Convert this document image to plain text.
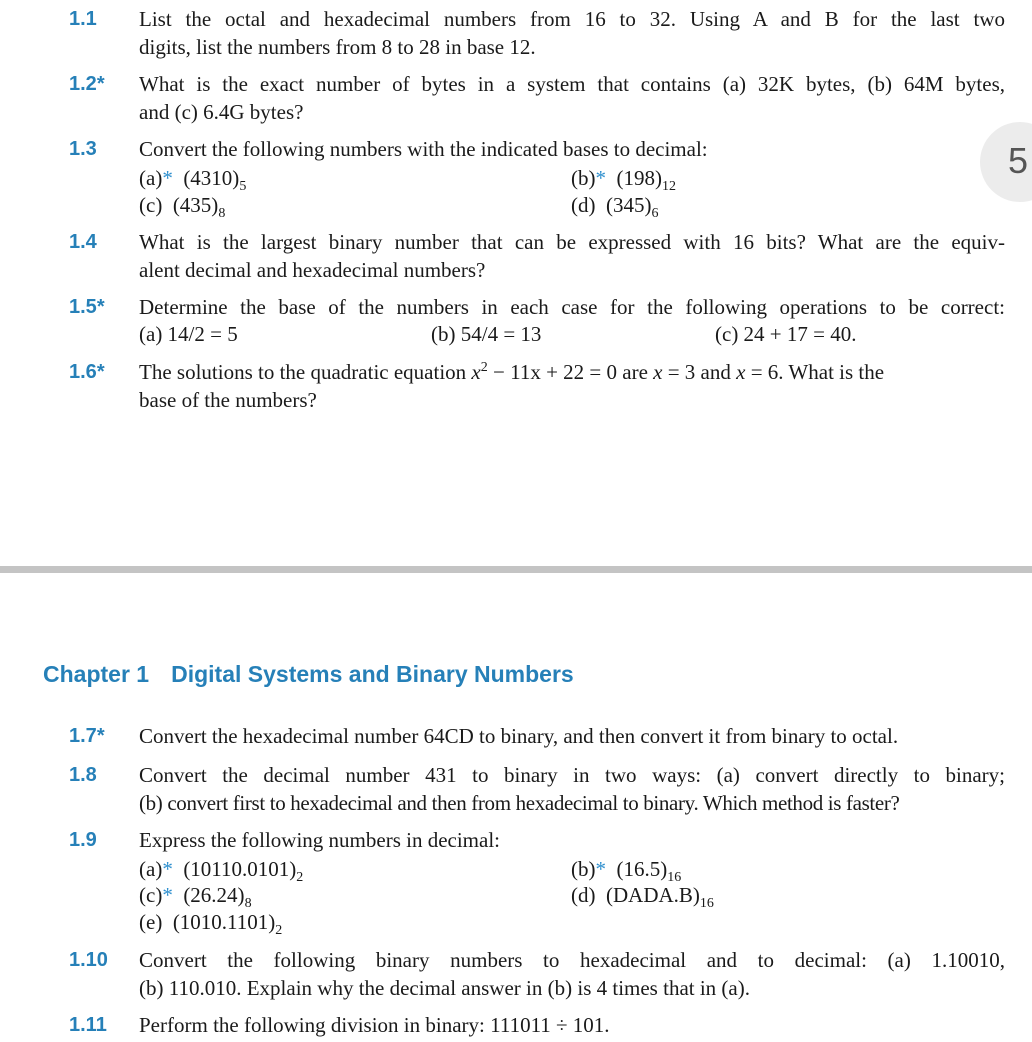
5
1.1 List the octal and hexadecimal numbers from 16 to 32. Using A and B for the last two
digits, list the numbers from 8 to 28 in base 12.
1.2* What is the exact number of bytes in a system that contains (a) 32K bytes, (b) 64M bytes,
and (c) 6.4G bytes?
1.3 Convert the following numbers with the indicated bases to decimal:
(a)* $(4310)_5$	(b)* $(198)_{12}$
(c) $(435)_8$	(d) $(345)_6$
1.4 What is the largest binary number that can be expressed with 16 bits? What are the equiv-
alent decimal and hexadecimal numbers?
1.5* Determine the base of the numbers in each case for the following operations to be correct:
(a) 14/2 = 5	(b) 54/4 = 13	(c) 24 + 17 = 40.
1.6* The solutions to the quadratic equation $x^2 - 11x + 22 = 0$ are x = 3 and x = 6. What is the
base of the numbers?
Chapter 1 Digital Systems and Binary Numbers
1.7* Convert the hexadecimal number 64CD to binary, and then convert it from binary to octal.
1.8 Convert the decimal number 431 to binary in two ways: (a) convert directly to binary;
(b) convert first to hexadecimal and then from hexadecimal to binary. Which method is faster?
1.9 Express the following numbers in decimal:
(a)* $(10110.0101)_2$	(b)* $(16.5)_{16}$
(c)* $(26.24)_8$	(d) $(DADA.B)_{16}$
(e) $(1010.1101)_2$
1.10 Convert the following binary numbers to hexadecimal and to decimal: (a) 1.10010,
(b) 110.010. Explain why the decimal answer in (b) is 4 times that in (a).
1.11 Perform the following division in binary: 111011 ÷ 101.
